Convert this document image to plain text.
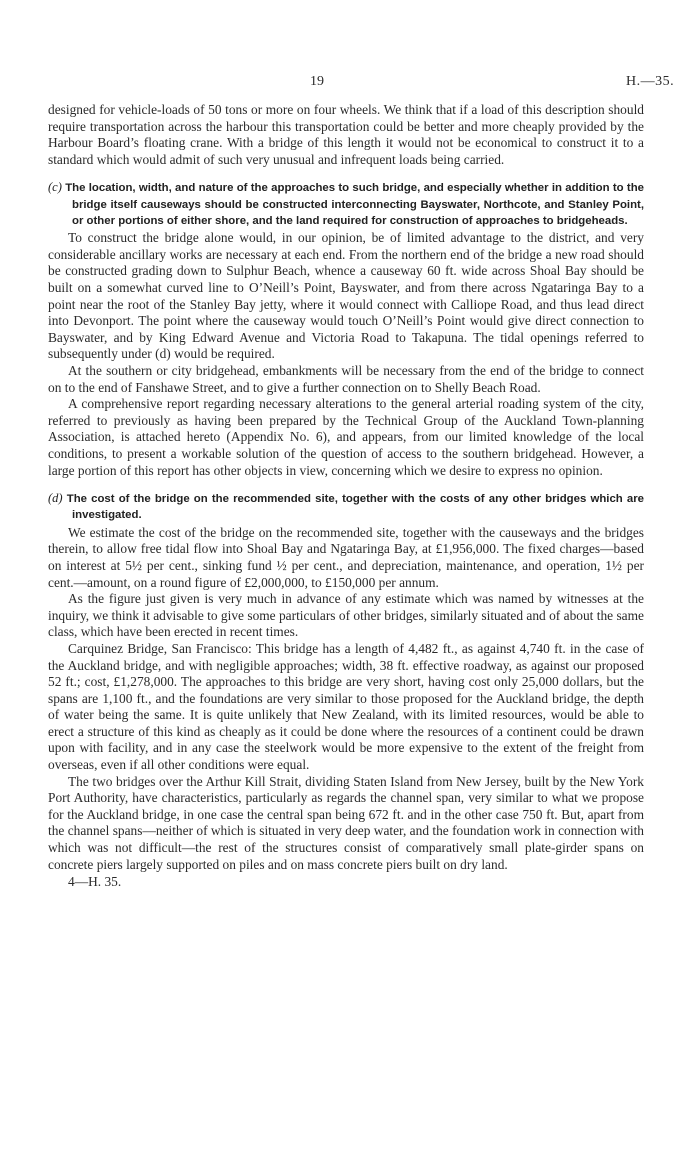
19	H.—35.

designed for vehicle-loads of 50 tons or more on four wheels. We think that if a load of this description should require transportation across the harbour this transportation could be better and more cheaply provided by the Harbour Board’s floating crane. With a bridge of this length it would not be economical to construct it to a standard which would admit of such very unusual and infrequent loads being carried.

(c) The location, width, and nature of the approaches to such bridge, and especially whether in addition to the bridge itself causeways should be constructed interconnecting Bayswater, Northcote, and Stanley Point, or other portions of either shore, and the land required for construction of approaches to bridgeheads.

To construct the bridge alone would, in our opinion, be of limited advantage to the district, and very considerable ancillary works are necessary at each end. From the northern end of the bridge a new road should be constructed grading down to Sulphur Beach, whence a causeway 60 ft. wide across Shoal Bay should be built on a somewhat curved line to O’Neill’s Point, Bayswater, and from there across Ngataringa Bay to a point near the root of the Stanley Bay jetty, where it would connect with Calliope Road, and thus lead direct into Devonport. The point where the causeway would touch O’Neill’s Point would give direct connection to Bayswater, and by King Edward Avenue and Victoria Road to Takapuna. The tidal openings referred to subsequently under (d) would be required.

At the southern or city bridgehead, embankments will be necessary from the end of the bridge to connect on to the end of Fanshawe Street, and to give a further connection on to Shelly Beach Road.

A comprehensive report regarding necessary alterations to the general arterial roading system of the city, referred to previously as having been prepared by the Technical Group of the Auckland Town-planning Association, is attached hereto (Appendix No. 6), and appears, from our limited knowledge of the local conditions, to present a workable solution of the question of access to the southern bridgehead. However, a large portion of this report has other objects in view, concerning which we desire to express no opinion.

(d) The cost of the bridge on the recommended site, together with the costs of any other bridges which are investigated.

We estimate the cost of the bridge on the recommended site, together with the causeways and the bridges therein, to allow free tidal flow into Shoal Bay and Ngataringa Bay, at £1,956,000. The fixed charges—based on interest at 5½ per cent., sinking fund ½ per cent., and depreciation, maintenance, and operation, 1½ per cent.—amount, on a round figure of £2,000,000, to £150,000 per annum.

As the figure just given is very much in advance of any estimate which was named by witnesses at the inquiry, we think it advisable to give some particulars of other bridges, similarly situated and of about the same class, which have been erected in recent times.

Carquinez Bridge, San Francisco: This bridge has a length of 4,482 ft., as against 4,740 ft. in the case of the Auckland bridge, and with negligible approaches; width, 38 ft. effective roadway, as against our proposed 52 ft.; cost, £1,278,000. The approaches to this bridge are very short, having cost only 25,000 dollars, but the spans are 1,100 ft., and the foundations are very similar to those proposed for the Auckland bridge, the depth of water being the same. It is quite unlikely that New Zealand, with its limited resources, would be able to erect a structure of this kind as cheaply as it could be done where the resources of a continent could be drawn upon with facility, and in any case the steelwork would be more expensive to the extent of the freight from overseas, even if all other conditions were equal.

The two bridges over the Arthur Kill Strait, dividing Staten Island from New Jersey, built by the New York Port Authority, have characteristics, particularly as regards the channel span, very similar to what we propose for the Auckland bridge, in one case the central span being 672 ft. and in the other case 750 ft. But, apart from the channel spans—neither of which is situated in very deep water, and the foundation work in connection with which was not difficult—the rest of the structures consist of comparatively small plate-girder spans on concrete piers largely supported on piles and on mass concrete piers built on dry land.

4—H. 35.
